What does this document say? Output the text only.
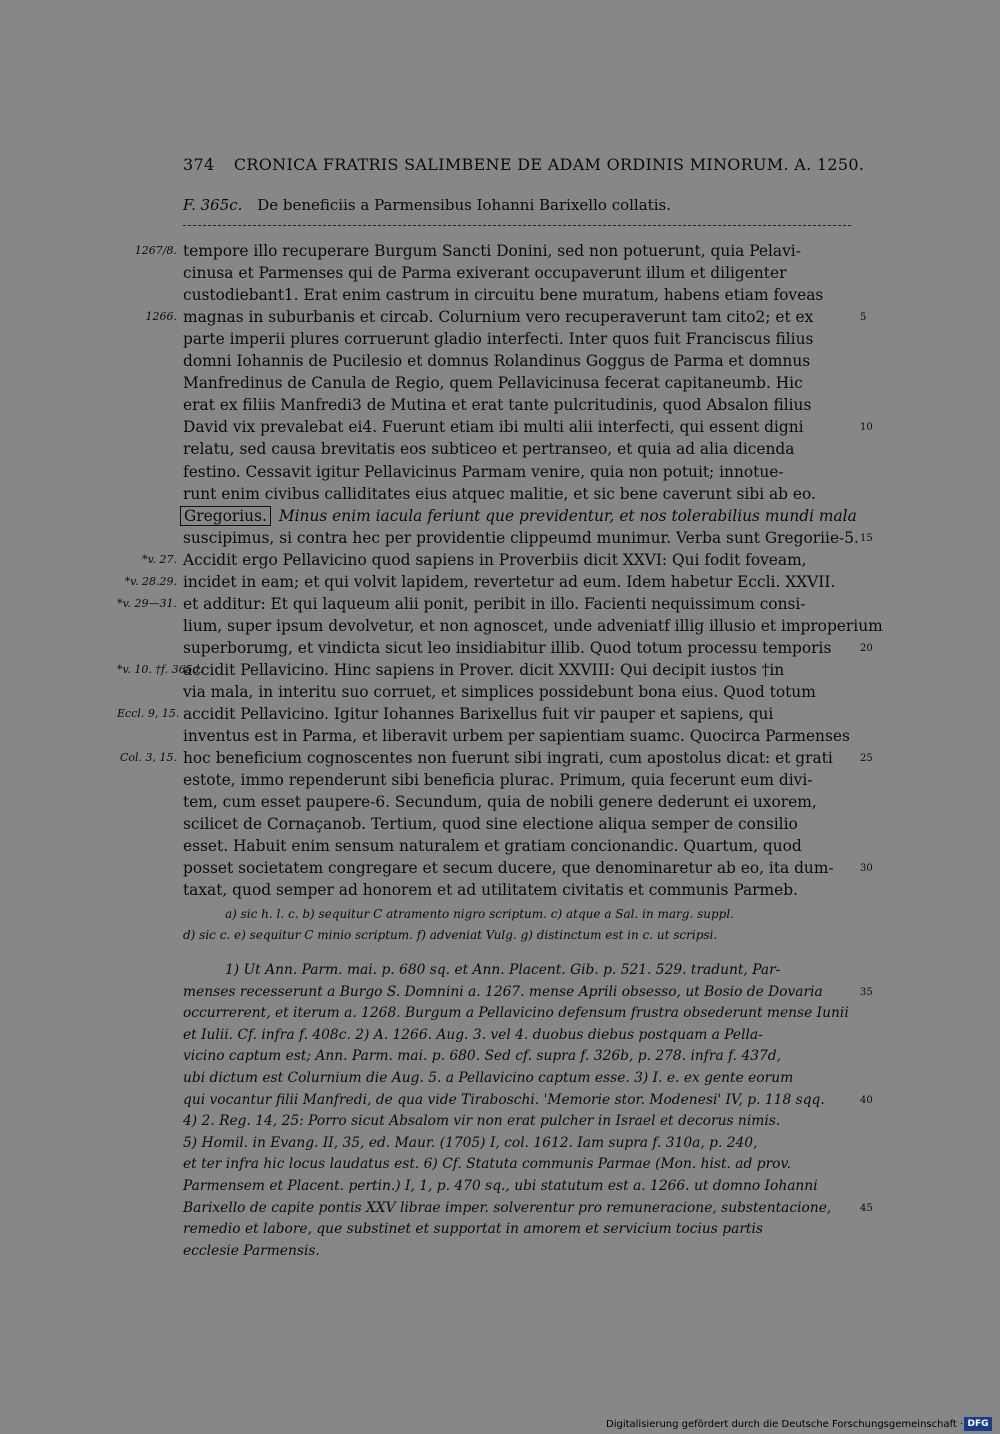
374 CRONICA FRATRIS SALIMBENE DE ADAM ORDINIS MINORUM. A. 1250.
F. 365c. De beneficiis a Parmensibus Iohanni Barixello collatis.
tempore illo recuperare Burgum Sancti Donini, sed non potuerunt, quia Pelavi-
cinusa et Parmenses qui de Parma exiverant occupaverunt illum et diligenter
custodiebant1. Erat enim castrum in circuitu bene muratum, habens etiam foveas
magnas in suburbanis et circab. Colurnium vero recuperaverunt tam cito2; et ex
parte imperii plures corruerunt gladio interfecti. Inter quos fuit Franciscus filius
domni Iohannis de Pucilesio et domnus Rolandinus Goggus de Parma et domnus
Manfredinus de Canula de Regio, quem Pellavicinusa fecerat capitaneumb. Hic
erat ex filiis Manfredi3 de Mutina et erat tante pulcritudinis, quod Absalon filius
David vix prevalebat ei4. Fuerunt etiam ibi multi alii interfecti, qui essent digni
relatu, sed causa brevitatis eos subticeo et pertranseo, et quia ad alia dicenda
festino. Cessavit igitur Pellavicinus Parmam venire, quia non potuit; innotue-
runt enim civibus calliditates eius atquec malitie, et sic bene caverunt sibi ab eo.
Gregorius. Minus enim iacula feriunt que previdentur, et nos tolerabilius mundi mala
suscipimus, si contra hec per providentie clippeumd munimur. Verba sunt Gregoriie-5.
Accidit ergo Pellavicino quod sapiens in Proverbiis dicit XXVI: Qui fodit foveam,
incidet in eam; et qui volvit lapidem, revertetur ad eum. Idem habetur Eccli. XXVII.
et additur: Et qui laqueum alii ponit, peribit in illo. Facienti nequissimum consi-
lium, super ipsum devolvetur, et non agnoscet, unde adveniatf illig illusio et improperium
superborumg, et vindicta sicut leo insidiabitur illib. Quod totum processu temporis
accidit Pellavicino. Hinc sapiens in Prover. dicit XXVIII: Qui decipit iustos †in
via mala, in interitu suo corruet, et simplices possidebunt bona eius. Quod totum
accidit Pellavicino. Igitur Iohannes Barixellus fuit vir pauper et sapiens, qui
inventus est in Parma, et liberavit urbem per sapientiam suamc. Quocirca Parmenses
hoc beneficium cognoscentes non fuerunt sibi ingrati, cum apostolus dicat: et grati
estote, immo rependerunt sibi beneficia plurac. Primum, quia fecerunt eum divi-
tem, cum esset paupere-6. Secundum, quia de nobili genere dederunt ei uxorem,
scilicet de Cornaçanob. Tertium, quod sine electione aliqua semper de consilio
esset. Habuit enim sensum naturalem et gratiam concionandic. Quartum, quod
posset societatem congregare et secum ducere, que denominaretur ab eo, ita dum-
taxat, quod semper ad honorem et ad utilitatem civitatis et communis Parmeb.
1267/8.
1266.
*v. 27.
*v. 28.29.
*v. 29—31.
*v. 10. †f. 365d.
Eccl. 9, 15.
Col. 3, 15.
5
10
15
20
25
30
a) sic h. l. c. b) sequitur C atramento nigro scriptum. c) atque a Sal. in marg. suppl.
d) sic c. e) sequitur C minio scriptum. f) adveniat Vulg. g) distinctum est in c. ut scripsi.
1) Ut Ann. Parm. mai. p. 680 sq. et Ann. Placent. Gib. p. 521. 529. tradunt, Par-
menses recesserunt a Burgo S. Domnini a. 1267. mense Aprili obsesso, ut Bosio de Dovaria
occurrerent, et iterum a. 1268. Burgum a Pellavicino defensum frustra obsederunt mense Iunii
et Iulii. Cf. infra f. 408c. 2) A. 1266. Aug. 3. vel 4. duobus diebus postquam a Pella-
vicino captum est; Ann. Parm. mai. p. 680. Sed cf. supra f. 326b, p. 278. infra f. 437d,
ubi dictum est Colurnium die Aug. 5. a Pellavicino captum esse. 3) I. e. ex gente eorum
qui vocantur filii Manfredi, de qua vide Tiraboschi. 'Memorie stor. Modenesi' IV, p. 118 sqq.
4) 2. Reg. 14, 25: Porro sicut Absalom vir non erat pulcher in Israel et decorus nimis.
5) Homil. in Evang. II, 35, ed. Maur. (1705) I, col. 1612. Iam supra f. 310a, p. 240,
et ter infra hic locus laudatus est. 6) Cf. Statuta communis Parmae (Mon. hist. ad prov.
Parmensem et Placent. pertin.) I, 1, p. 470 sq., ubi statutum est a. 1266. ut domno Iohanni
Barixello de capite pontis XXV librae imper. solverentur pro remuneracione, substentacione,
remedio et labore, que substinet et supportat in amorem et servicium tocius partis
ecclesie Parmensis.
35
40
45
Digitalisierung gefördert durch die Deutsche Forschungsgemeinschaft · DFG
